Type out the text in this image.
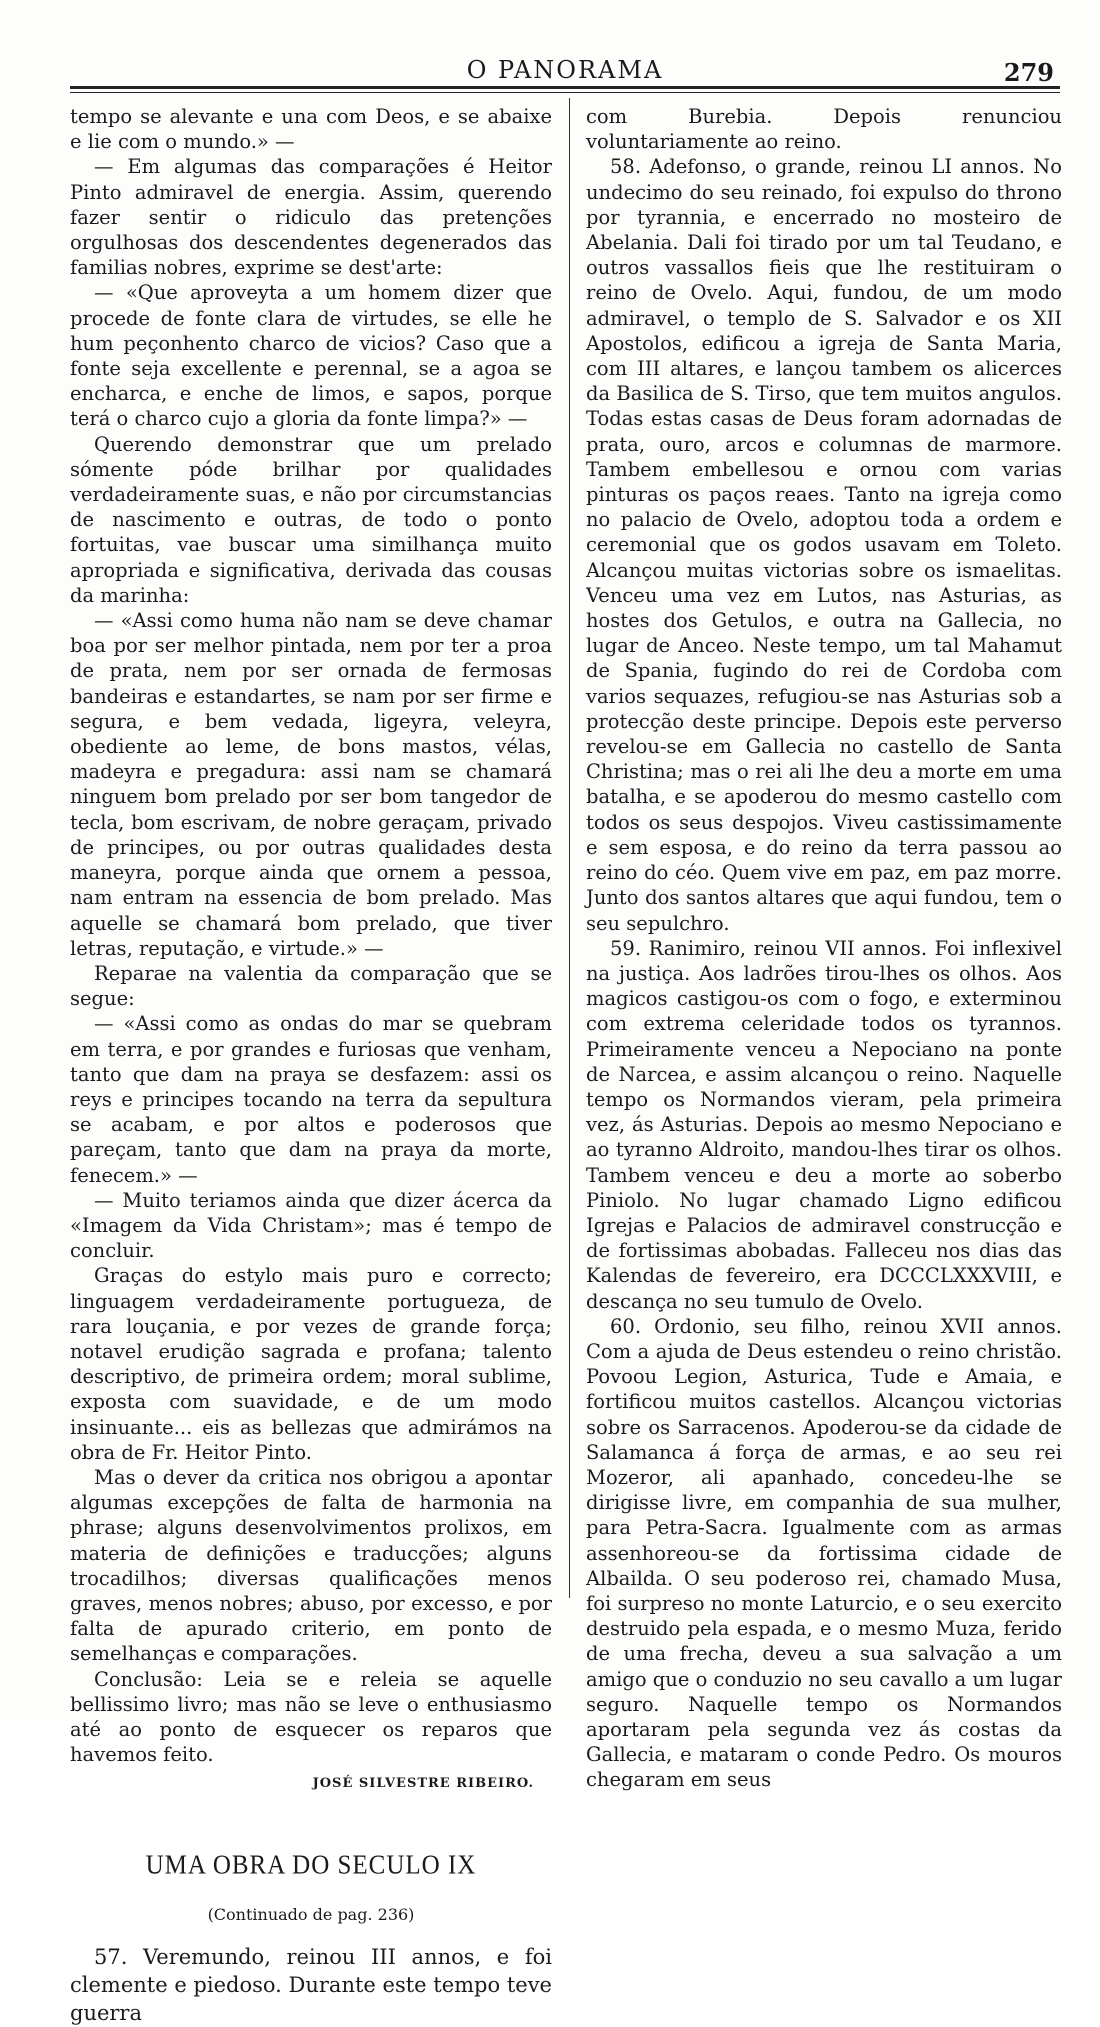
O PANORAMA	279

tempo se alevante e una com Deos, e se abaixe e lie com o mundo.» —

— Em algumas das comparações é Heitor Pinto admiravel de energia. Assim, querendo fazer sentir o ridiculo das pretenções orgulhosas dos descendentes degenerados das familias nobres, exprime se dest'arte:

— «Que aproveyta a um homem dizer que procede de fonte clara de virtudes, se elle he hum peçonhento charco de vicios? Caso que a fonte seja excellente e perennal, se a agoa se encharca, e enche de limos, e sapos, porque terá o charco cujo a gloria da fonte limpa?» —

Querendo demonstrar que um prelado sómente póde brilhar por qualidades verdadeiramente suas, e não por circumstancias de nascimento e outras, de todo o ponto fortuitas, vae buscar uma similhança muito apropriada e significativa, derivada das cousas da marinha:

— «Assi como huma não nam se deve chamar boa por ser melhor pintada, nem por ter a proa de prata, nem por ser ornada de fermosas bandeiras e estandartes, se nam por ser firme e segura, e bem vedada, ligeyra, veleyra, obediente ao leme, de bons mastos, vélas, madeyra e pregadura: assi nam se chamará ninguem bom prelado por ser bom tangedor de tecla, bom escrivam, de nobre geraçam, privado de principes, ou por outras qualidades desta maneyra, porque ainda que ornem a pessoa, nam entram na essencia de bom prelado. Mas aquelle se chamará bom prelado, que tiver letras, reputação, e virtude.» —

Reparae na valentia da comparação que se segue:

— «Assi como as ondas do mar se quebram em terra, e por grandes e furiosas que venham, tanto que dam na praya se desfazem: assi os reys e principes tocando na terra da sepultura se acabam, e por altos e poderosos que pareçam, tanto que dam na praya da morte, fenecem.» —

— Muito teriamos ainda que dizer ácerca da «Imagem da Vida Christam»; mas é tempo de concluir.

Graças do estylo mais puro e correcto; linguagem verdadeiramente portugueza, de rara louçania, e por vezes de grande força; notavel erudição sagrada e profana; talento descriptivo, de primeira ordem; moral sublime, exposta com suavidade, e de um modo insinuante... eis as bellezas que admirámos na obra de Fr. Heitor Pinto.

Mas o dever da critica nos obrigou a apontar algumas excepções de falta de harmonia na phrase; alguns desenvolvimentos prolixos, em materia de definições e traducções; alguns trocadilhos; diversas qualificações menos graves, menos nobres; abuso, por excesso, e por falta de apurado criterio, em ponto de semelhanças e comparações.

Conclusão: Leia se e releia se aquelle bellissimo livro; mas não se leve o enthusiasmo até ao ponto de esquecer os reparos que havemos feito.

JOSÉ SILVESTRE RIBEIRO.
UMA OBRA DO SECULO IX
(Continuado de pag. 236)

57. Veremundo, reinou III annos, e foi clemente e piedoso. Durante este tempo teve guerra

com Burebia. Depois renunciou voluntariamente ao reino.

58. Adefonso, o grande, reinou LI annos. No undecimo do seu reinado, foi expulso do throno por tyrannia, e encerrado no mosteiro de Abelania. Dali foi tirado por um tal Teudano, e outros vassallos fieis que lhe restituiram o reino de Ovelo. Aqui, fundou, de um modo admiravel, o templo de S. Salvador e os XII Apostolos, edificou a igreja de Santa Maria, com III altares, e lançou tambem os alicerces da Basilica de S. Tirso, que tem muitos angulos. Todas estas casas de Deus foram adornadas de prata, ouro, arcos e columnas de marmore. Tambem embellesou e ornou com varias pinturas os paços reaes. Tanto na igreja como no palacio de Ovelo, adoptou toda a ordem e ceremonial que os godos usavam em Toleto. Alcançou muitas victorias sobre os ismaelitas. Venceu uma vez em Lutos, nas Asturias, as hostes dos Getulos, e outra na Gallecia, no lugar de Anceo. Neste tempo, um tal Mahamut de Spania, fugindo do rei de Cordoba com varios sequazes, refugiou-se nas Asturias sob a protecção deste principe. Depois este perverso revelou-se em Gallecia no castello de Santa Christina; mas o rei ali lhe deu a morte em uma batalha, e se apoderou do mesmo castello com todos os seus despojos. Viveu castissimamente e sem esposa, e do reino da terra passou ao reino do céo. Quem vive em paz, em paz morre. Junto dos santos altares que aqui fundou, tem o seu sepulchro.

59. Ranimiro, reinou VII annos. Foi inflexivel na justiça. Aos ladrões tirou-lhes os olhos. Aos magicos castigou-os com o fogo, e exterminou com extrema celeridade todos os tyrannos. Primeiramente venceu a Nepociano na ponte de Narcea, e assim alcançou o reino. Naquelle tempo os Normandos vieram, pela primeira vez, ás Asturias. Depois ao mesmo Nepociano e ao tyranno Aldroito, mandou-lhes tirar os olhos. Tambem venceu e deu a morte ao soberbo Piniolo. No lugar chamado Ligno edificou Igrejas e Palacios de admiravel construcção e de fortissimas abobadas. Falleceu nos dias das Kalendas de fevereiro, era DCCCLXXXVIII, e descança no seu tumulo de Ovelo.

60. Ordonio, seu filho, reinou XVII annos. Com a ajuda de Deus estendeu o reino christão. Povoou Legion, Asturica, Tude e Amaia, e fortificou muitos castellos. Alcançou victorias sobre os Sarracenos. Apoderou-se da cidade de Salamanca á força de armas, e ao seu rei Mozeror, ali apanhado, concedeu-lhe se dirigisse livre, em companhia de sua mulher, para Petra-Sacra. Igualmente com as armas assenhoreou-se da fortissima cidade de Albailda. O seu poderoso rei, chamado Musa, foi surpreso no monte Laturcio, e o seu exercito destruido pela espada, e o mesmo Muza, ferido de uma frecha, deveu a sua salvação a um amigo que o conduzio no seu cavallo a um lugar seguro. Naquelle tempo os Normandos aportaram pela segunda vez ás costas da Gallecia, e mataram o conde Pedro. Os mouros chegaram em seus
